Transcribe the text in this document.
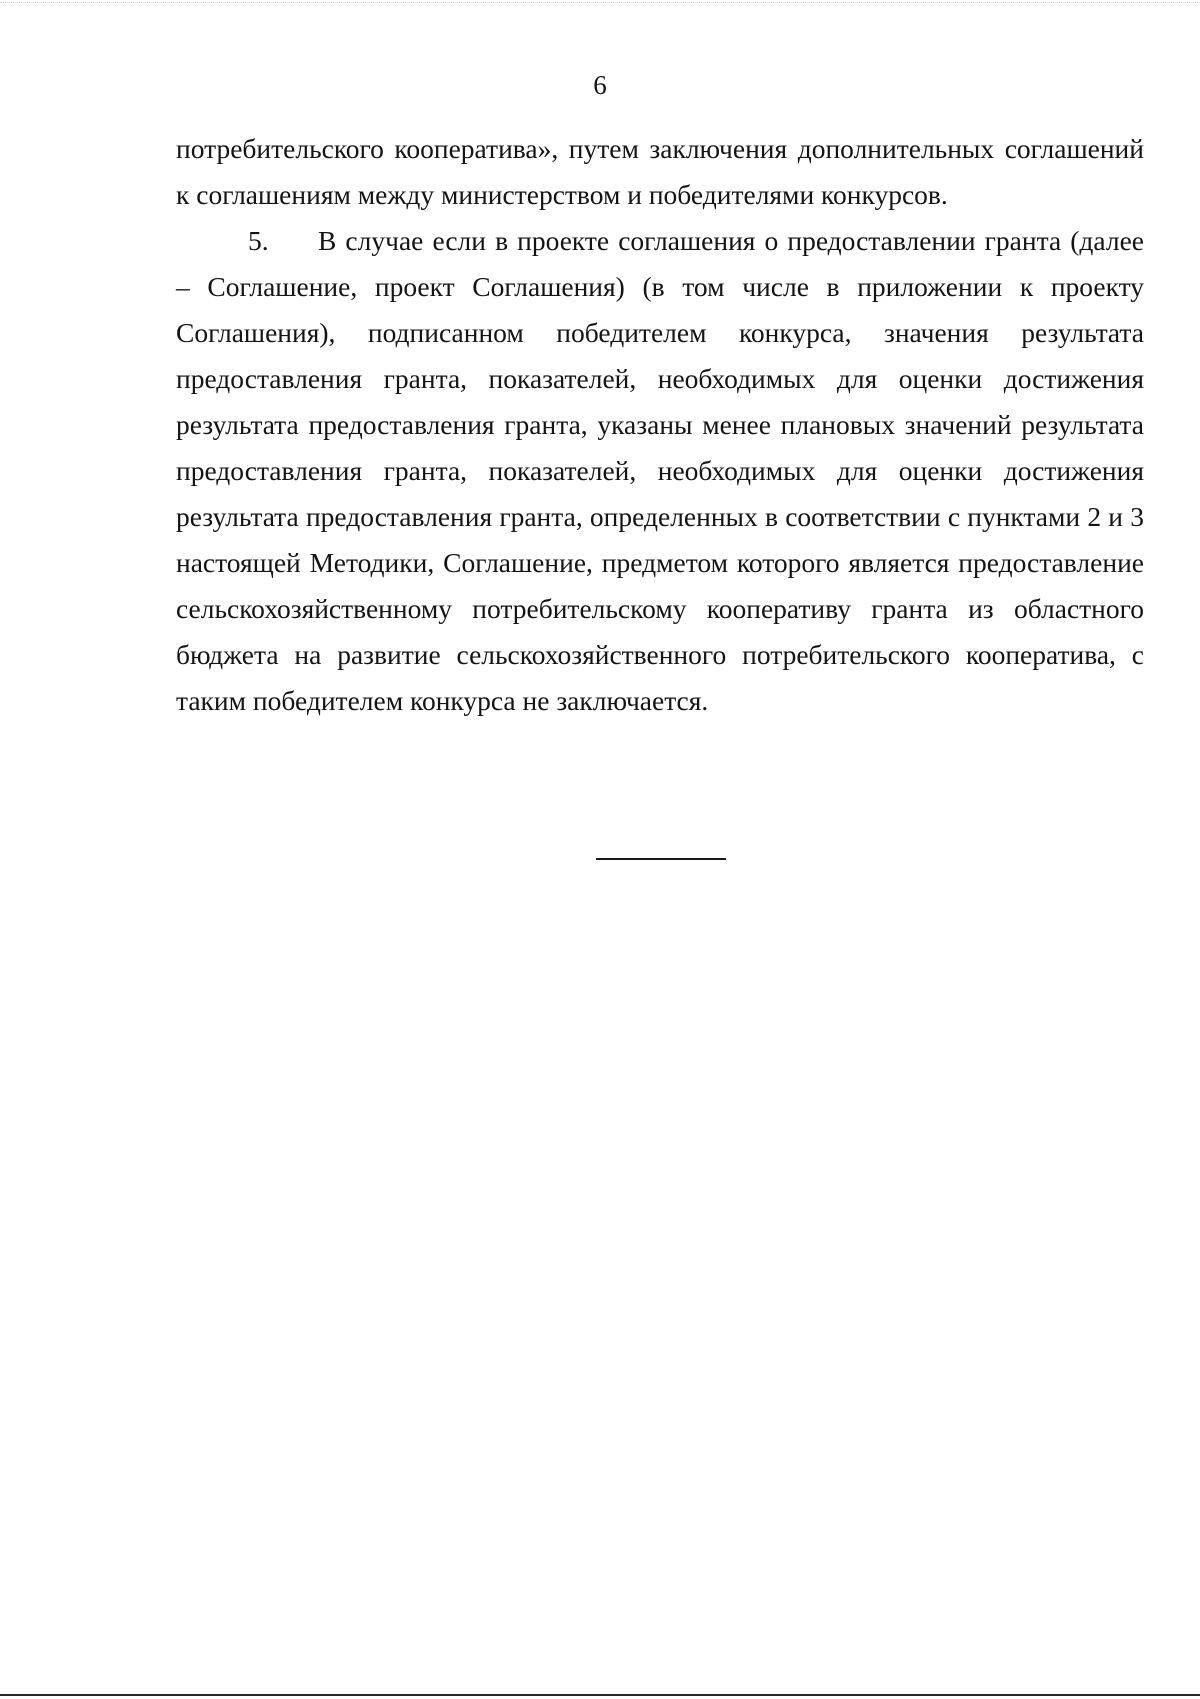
6

потребительского кооператива», путем заключения дополнительных соглашений к соглашениям между министерством и победителями конкурсов.

5. В случае если в проекте соглашения о предоставлении гранта (далее – Соглашение, проект Соглашения) (в том числе в приложении к проекту Соглашения), подписанном победителем конкурса, значения результата предоставления гранта, показателей, необходимых для оценки достижения результата предоставления гранта, указаны менее плановых значений результата предоставления гранта, показателей, необходимых для оценки достижения результата предоставления гранта, определенных в соответствии с пунктами 2 и 3 настоящей Методики, Соглашение, предметом которого является предоставление сельскохозяйственному потребительскому кооперативу гранта из областного бюджета на развитие сельскохозяйственного потребительского кооператива, с таким победителем конкурса не заключается.
